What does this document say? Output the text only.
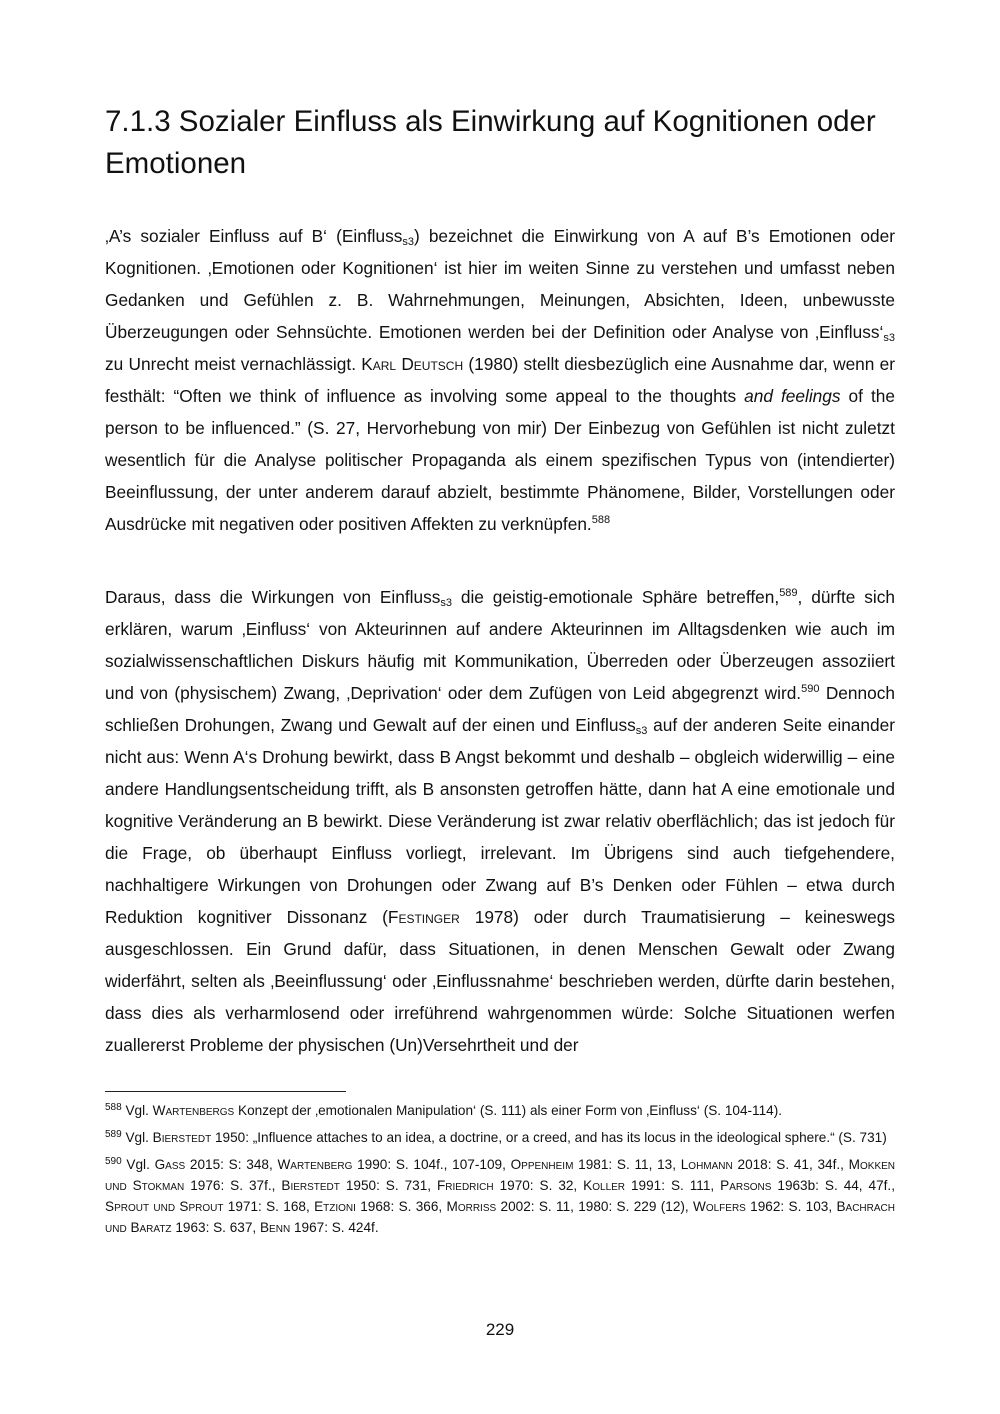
7.1.3 Sozialer Einfluss als Einwirkung auf Kognitionen oder Emotionen

‚A’s sozialer Einfluss auf B‘ (Einfluss$_{s3}$) bezeichnet die Einwirkung von A auf B’s Emotionen oder Kognitionen. ‚Emotionen oder Kognitionen‘ ist hier im weiten Sinne zu verstehen und umfasst neben Gedanken und Gefühlen z. B. Wahrnehmungen, Meinungen, Absichten, Ideen, unbewusste Überzeugungen oder Sehnsüchte. Emotionen werden bei der Definition oder Analyse von $‚Einfluss‘_{s3}$ zu Unrecht meist vernachlässigt. Karl Deutsch (1980) stellt diesbezüglich eine Ausnahme dar, wenn er festhält: “Often we think of influence as involving some appeal to the thoughts and feelings of the person to be influenced.” (S. 27, Hervorhebung von mir) Der Einbezug von Gefühlen ist nicht zuletzt wesentlich für die Analyse politischer Propaganda als einem spezifischen Typus von (intendierter) Beeinflussung, der unter anderem darauf abzielt, bestimmte Phänomene, Bilder, Vorstellungen oder Ausdrücke mit negativen oder positiven Affekten zu verknüpfen.$^{588}$

Daraus, dass die Wirkungen von Einfluss$_{s3}$ die geistig-emotionale Sphäre betreffen,$^{589}$, dürfte sich erklären, warum ‚Einfluss‘ von Akteurinnen auf andere Akteurinnen im Alltagsdenken wie auch im sozialwissenschaftlichen Diskurs häufig mit Kommunikation, Überreden oder Überzeugen assoziiert und von (physischem) Zwang, ‚Deprivation‘ oder dem Zufügen von Leid abgegrenzt wird.$^{590}$ Dennoch schließen Drohungen, Zwang und Gewalt auf der einen und Einfluss$_{s3}$ auf der anderen Seite einander nicht aus: Wenn A‘s Drohung bewirkt, dass B Angst bekommt und deshalb – obgleich widerwillig – eine andere Handlungsentscheidung trifft, als B ansonsten getroffen hätte, dann hat A eine emotionale und kognitive Veränderung an B bewirkt. Diese Veränderung ist zwar relativ oberflächlich; das ist jedoch für die Frage, ob überhaupt Einfluss vorliegt, irrelevant. Im Übrigens sind auch tiefgehendere, nachhaltigere Wirkungen von Drohungen oder Zwang auf B’s Denken oder Fühlen – etwa durch Reduktion kognitiver Dissonanz (Festinger 1978) oder durch Traumatisierung – keineswegs ausgeschlossen. Ein Grund dafür, dass Situationen, in denen Menschen Gewalt oder Zwang widerfährt, selten als ‚Beeinflussung‘ oder ‚Einflussnahme‘ beschrieben werden, dürfte darin bestehen, dass dies als verharmlosend oder irreführend wahrgenommen würde: Solche Situationen werfen zuallererst Probleme der physischen (Un)Versehrtheit und der

$^{588}$ Vgl. Wartenbergs Konzept der ‚emotionalen Manipulation‘ (S. 111) als einer Form von ‚Einfluss‘ (S. 104-114).

$^{589}$ Vgl. Bierstedt 1950: „Influence attaches to an idea, a doctrine, or a creed, and has its locus in the ideological sphere.“ (S. 731)

$^{590}$ Vgl. Gass 2015: S: 348, Wartenberg 1990: S. 104f., 107-109, Oppenheim 1981: S. 11, 13, Lohmann 2018: S. 41, 34f., Mokken und Stokman 1976: S. 37f., Bierstedt 1950: S. 731, Friedrich 1970: S. 32, Koller 1991: S. 111, Parsons 1963b: S. 44, 47f., Sprout und Sprout 1971: S. 168, Etzioni 1968: S. 366, Morriss 2002: S. 11, 1980: S. 229 (12), Wolfers 1962: S. 103, Bachrach und Baratz 1963: S. 637, Benn 1967: S. 424f.

229
